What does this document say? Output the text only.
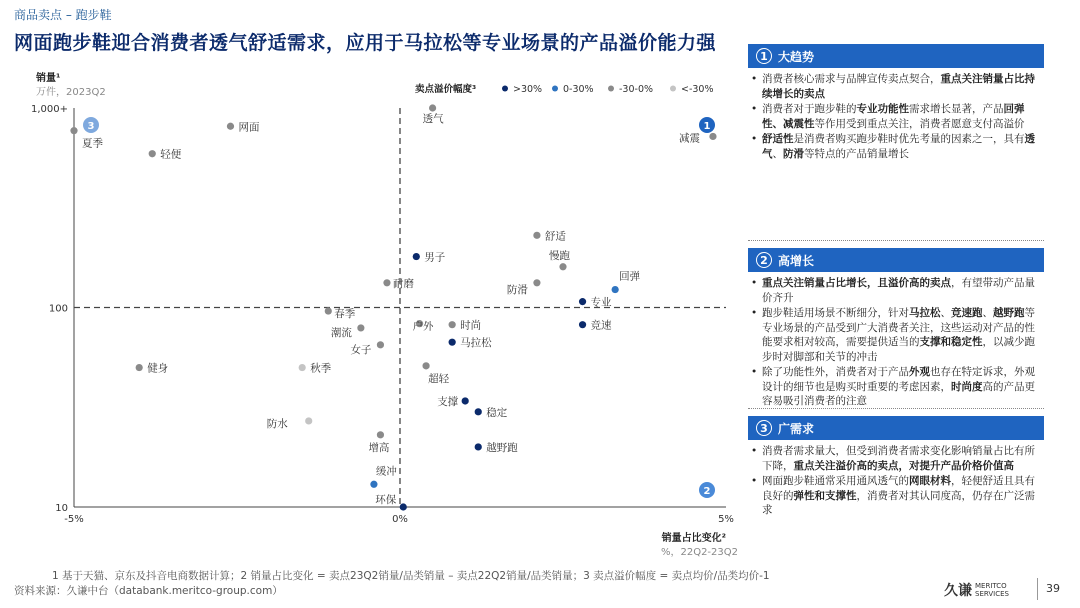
商品卖点 – 跑步鞋
网面跑步鞋迎合消费者透气舒适需求，应用于马拉松等专业场景的产品溢价能力强
10
100
1,000+
-5%	0%	5%
销量¹
万件，2023Q2
销量占比变化²
%，22Q2-23Q2
卖点溢价幅度³	>30% 0-30%	-30-0%	<-30%
1
2
3	网面
透气
夏季
轻便
减震
舒适
男子	慢跑
回弹
耐磨	防滑
专业
春季
户外	时尚	竞速
潮流
马拉松
女子
健身	秋季
超轻
支撑
稳定
防水
增高	越野跑
缓冲
环保
1 大趋势
• 消费者核心需求与品牌宣传卖点契合，重点关注销量占比持续增长的卖点
• 消费者对于跑步鞋的专业功能性需求增长显著，产品回弹性、减震性等作用受到重点关注，消费者愿意支付高溢价
• 舒适性是消费者购买跑步鞋时优先考量的因素之一，具有透气、防滑等特点的产品销量增长
2 高增长
• 重点关注销量占比增长，且溢价高的卖点，有望带动产品量价齐升
• 跑步鞋适用场景不断细分，针对马拉松、竞速跑、越野跑等专业场景的产品受到广大消费者关注，这些运动对产品的性能要求相对较高，需要提供适当的支撑和稳定性，以减少跑步时对脚部和关节的冲击
• 除了功能性外，消费者对于产品外观也存在特定诉求，外观设计的细节也是购买时重要的考虑因素，时尚度高的产品更容易吸引消费者的注意
3 广需求
• 消费者需求量大，但受到消费者需求变化影响销量占比有所下降，重点关注溢价高的卖点，对提升产品价格价值高
• 网面跑步鞋通常采用通风透气的网眼材料，轻便舒适且具有良好的弹性和支撑性，消费者对其认同度高，仍存在广泛需求
1 基于天猫、京东及抖音电商数据计算；2 销量占比变化 = 卖点23Q2销量/品类销量 – 卖点22Q2销量/品类销量；3 卖点溢价幅度 = 卖点均价/品类均价-1
资料来源：久谦中台（databank.meritco-group.com）	久谦 MERITCO
SERVICES	39
